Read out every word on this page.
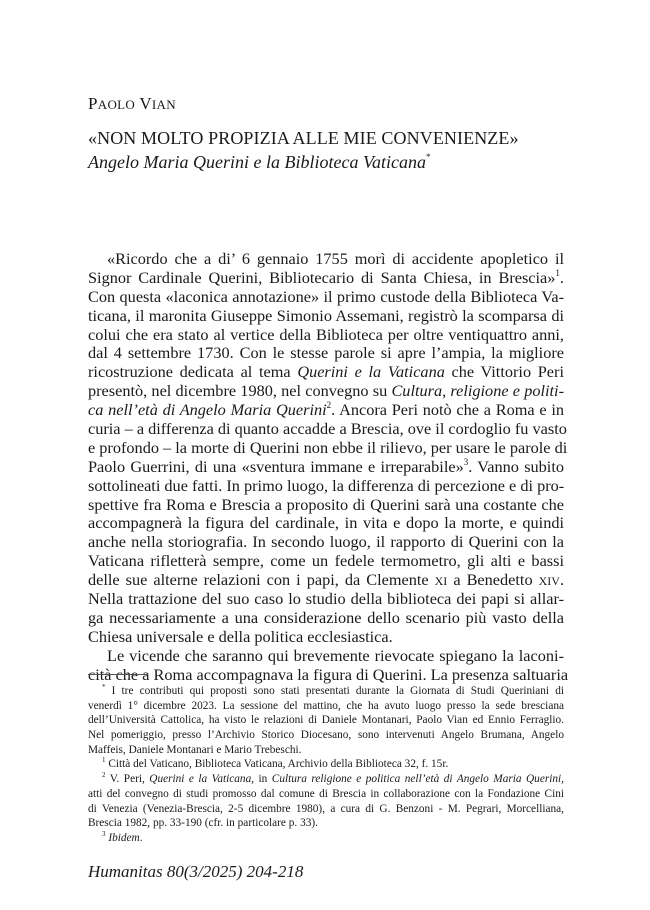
PAOLO VIAN
«NON MOLTO PROPIZIA ALLE MIE CONVENIENZE»
Angelo Maria Querini e la Biblioteca Vaticana*
«Ricordo che a di’ 6 gennaio 1755 morì di accidente apopletico il
Signor Cardinale Querini, Bibliotecario di Santa Chiesa, in Brescia»$^1$.
Con questa «laconica annotazione» il primo custode della Biblioteca Va-
ticana, il maronita Giuseppe Simonio Assemani, registrò la scomparsa di
colui che era stato al vertice della Biblioteca per oltre ventiquattro anni,
dal 4 settembre 1730. Con le stesse parole si apre l’ampia, la migliore
ricostruzione dedicata al tema Querini e la Vaticana che Vittorio Peri
presentò, nel dicembre 1980, nel convegno su Cultura, religione e politi-
ca nell’età di Angelo Maria Querini$^2$. Ancora Peri notò che a Roma e in
curia – a differenza di quanto accadde a Brescia, ove il cordoglio fu vasto
e profondo – la morte di Querini non ebbe il rilievo, per usare le parole di
Paolo Guerrini, di una «sventura immane e irreparabile»$^3$. Vanno subito
sottolineati due fatti. In primo luogo, la differenza di percezione e di pro-
spettive fra Roma e Brescia a proposito di Querini sarà una costante che
accompagnerà la figura del cardinale, in vita e dopo la morte, e quindi
anche nella storiografia. In secondo luogo, il rapporto di Querini con la
Vaticana rifletterà sempre, come un fedele termometro, gli alti e bassi
delle sue alterne relazioni con i papi, da Clemente XI a Benedetto XIV.
Nella trattazione del suo caso lo studio della biblioteca dei papi si allar-
ga necessariamente a una considerazione dello scenario più vasto della
Chiesa universale e della politica ecclesiastica.
Le vicende che saranno qui brevemente rievocate spiegano la laconi-
cità che a Roma accompagnava la figura di Querini. La presenza saltuaria
* I tre contributi qui proposti sono stati presentati durante la Giornata di Studi Queriniani di
venerdì 1° dicembre 2023. La sessione del mattino, che ha avuto luogo presso la sede bresciana
dell’Università Cattolica, ha visto le relazioni di Daniele Montanari, Paolo Vian ed Ennio Ferraglio.
Nel pomeriggio, presso l’Archivio Storico Diocesano, sono intervenuti Angelo Brumana, Angelo
Maffeis, Daniele Montanari e Mario Trebeschi.
$^1$ Città del Vaticano, Biblioteca Vaticana, Archivio della Biblioteca 32, f. 15r.
$^2$ V. Peri, Querini e la Vaticana, in Cultura religione e politica nell’età di Angelo Maria Querini,
atti del convegno di studi promosso dal comune di Brescia in collaborazione con la Fondazione Cini
di Venezia (Venezia-Brescia, 2-5 dicembre 1980), a cura di G. Benzoni - M. Pegrari, Morcelliana,
Brescia 1982, pp. 33-190 (cfr. in particolare p. 33).
$^3$ Ibidem.
Humanitas 80(3/2025) 204-218
